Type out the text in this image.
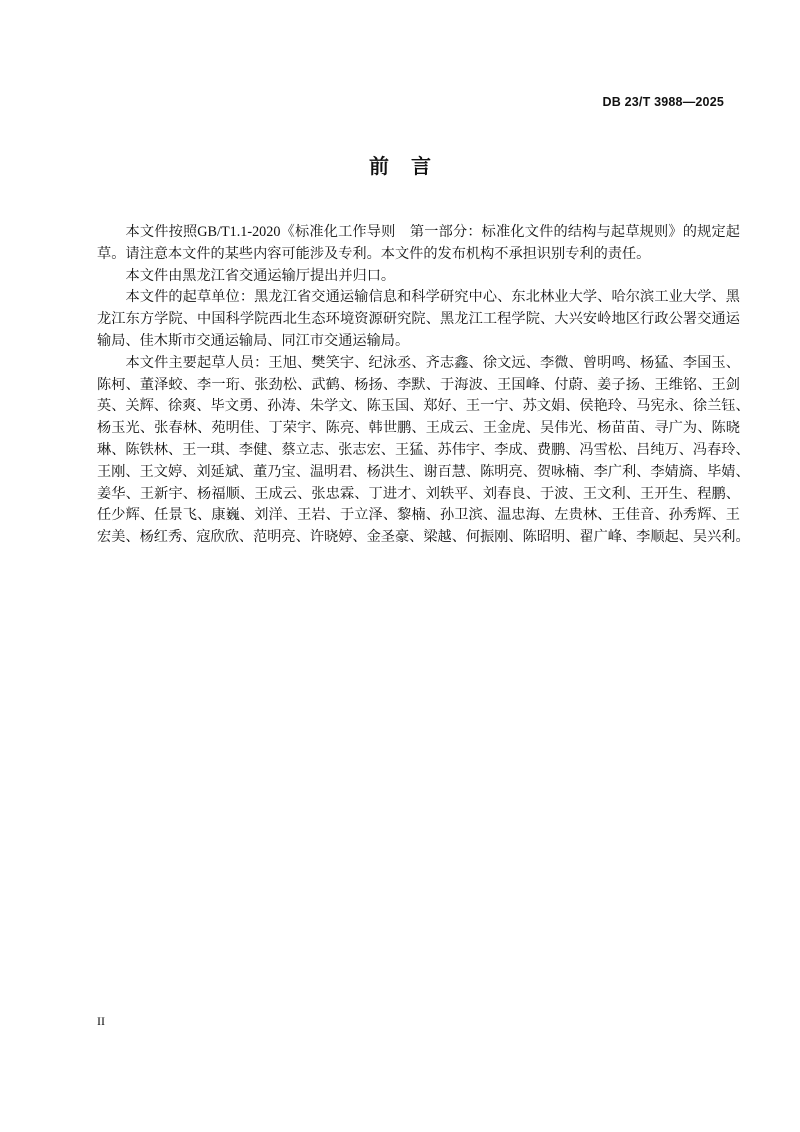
DB 23/T 3988—2025
前言
本文件按照GB/T1.1-2020《标准化工作导则　第一部分：标准化文件的结构与起草规则》的规定起
草。请注意本文件的某些内容可能涉及专利。本文件的发布机构不承担识别专利的责任。
本文件由黑龙江省交通运输厅提出并归口。
本文件的起草单位：黑龙江省交通运输信息和科学研究中心、东北林业大学、哈尔滨工业大学、黑
龙江东方学院、中国科学院西北生态环境资源研究院、黑龙江工程学院、大兴安岭地区行政公署交通运
输局、佳木斯市交通运输局、同江市交通运输局。
本文件主要起草人员：王旭、樊笑宇、纪泳丞、齐志鑫、徐文远、李微、曾明鸣、杨猛、李国玉、
陈柯、董泽蛟、李一珩、张劲松、武鹤、杨扬、李默、于海波、王国峰、付蔚、姜子扬、王维铭、王剑
英、关辉、徐爽、毕文勇、孙涛、朱学文、陈玉国、郑好、王一宁、苏文娟、侯艳玲、马宪永、徐兰钰、
杨玉光、张春林、苑明佳、丁荣宇、陈亮、韩世鹏、王成云、王金虎、吴伟光、杨苗苗、寻广为、陈晓
琳、陈铁林、王一琪、李健、蔡立志、张志宏、王猛、苏伟宇、李成、费鹏、冯雪松、吕纯万、冯春玲、
王刚、王文婷、刘延斌、董乃宝、温明君、杨洪生、谢百慧、陈明亮、贺咏楠、李广利、李婧旖、毕婧、
姜华、王新宇、杨福顺、王成云、张忠霖、丁进才、刘轶平、刘春良、于波、王文利、王开生、程鹏、
任少辉、任景飞、康巍、刘洋、王岩、于立泽、黎楠、孙卫滨、温忠海、左贵林、王佳音、孙秀辉、王
宏美、杨红秀、寇欣欣、范明亮、许晓婷、金圣豪、梁越、何振刚、陈昭明、翟广峰、李顺起、吴兴利。
II
